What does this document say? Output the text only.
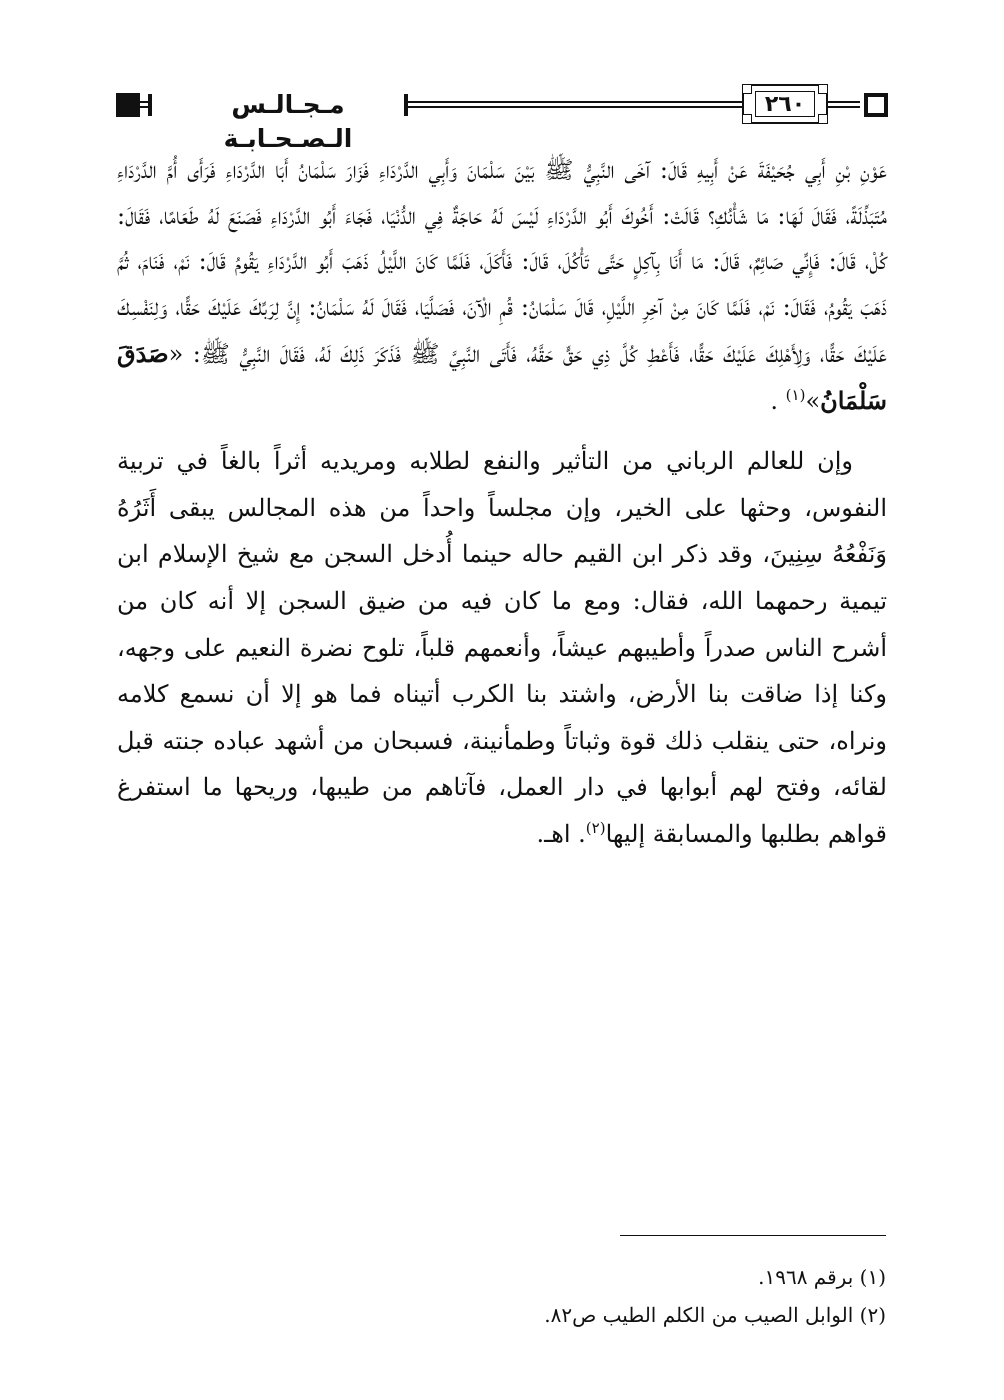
مـجـالـس الـصـحـابـة
٢٦٠

عَوْنِ بْنِ أَبِي جُحَيْفَةَ عَنْ أَبِيهِ قَالَ: آخَى النَّبِيُّ ﷺ بَيْنَ سَلْمَانَ وَأَبِي الدَّرْدَاءِ فَزَارَ سَلْمَانُ أَبَا الدَّرْدَاءِ فَرَأَى أُمَّ الدَّرْدَاءِ مُتَبَذِّلَةً، فَقَالَ لَهَا: مَا شَأْنُكِ؟ قَالَتْ: أَخُوكَ أَبُو الدَّرْدَاءِ لَيْسَ لَهُ حَاجَةٌ فِي الدُّنْيَا، فَجَاءَ أَبُو الدَّرْدَاءِ فَصَنَعَ لَهُ طَعَامًا، فَقَالَ: كُلْ، قَالَ: فَإِنِّي صَائِمٌ، قَالَ: مَا أَنَا بِآكِلٍ حَتَّى تَأْكُلَ، قَالَ: فَأَكَلَ، فَلَمَّا كَانَ اللَّيْلُ ذَهَبَ أَبُو الدَّرْدَاءِ يَقُومُ قَالَ: نَمْ، فَنَامَ، ثُمَّ ذَهَبَ يَقُومُ، فَقَالَ: نَمْ، فَلَمَّا كَانَ مِنْ آخِرِ اللَّيْلِ، قَالَ سَلْمَانُ: قُمِ الْآنَ، فَصَلَّيَا، فَقَالَ لَهُ سَلْمَانُ: إِنَّ لِرَبِّكَ عَلَيْكَ حَقًّا، وَلِنَفْسِكَ عَلَيْكَ حَقًّا، وَلِأَهْلِكَ عَلَيْكَ حَقًّا، فَأَعْطِ كُلَّ ذِي حَقٍّ حَقَّهُ، فَأَتَى النَّبِيَّ ﷺ فَذَكَرَ ذَلِكَ لَهُ، فَقَالَ النَّبِيُّ ﷺ: «صَدَقَ سَلْمَانُ»$^{(١)}$ .

وإن للعالم الرباني من التأثير والنفع لطلابه ومريديه أثراً بالغاً في تربية النفوس، وحثها على الخير، وإن مجلساً واحداً من هذه المجالس يبقى أَثَرُهُ وَنَفْعُهُ سِنِينَ، وقد ذكر ابن القيم حاله حينما أُدخل السجن مع شيخ الإسلام ابن تيمية رحمهما الله، فقال: ومع ما كان فيه من ضيق السجن إلا أنه كان من أشرح الناس صدراً وأطيبهم عيشاً، وأنعمهم قلباً، تلوح نضرة النعيم على وجهه، وكنا إذا ضاقت بنا الأرض، واشتد بنا الكرب أتيناه فما هو إلا أن نسمع كلامه ونراه، حتى ينقلب ذلك قوة وثباتاً وطمأنينة، فسبحان من أشهد عباده جنته قبل لقائه، وفتح لهم أبوابها في دار العمل، فآتاهم من طيبها، وريحها ما استفرغ قواهم بطلبها والمسابقة إليها$^{(٢)}$. اهـ.

(١) برقم ١٩٦٨.
(٢) الوابل الصيب من الكلم الطيب ص٨٢.
